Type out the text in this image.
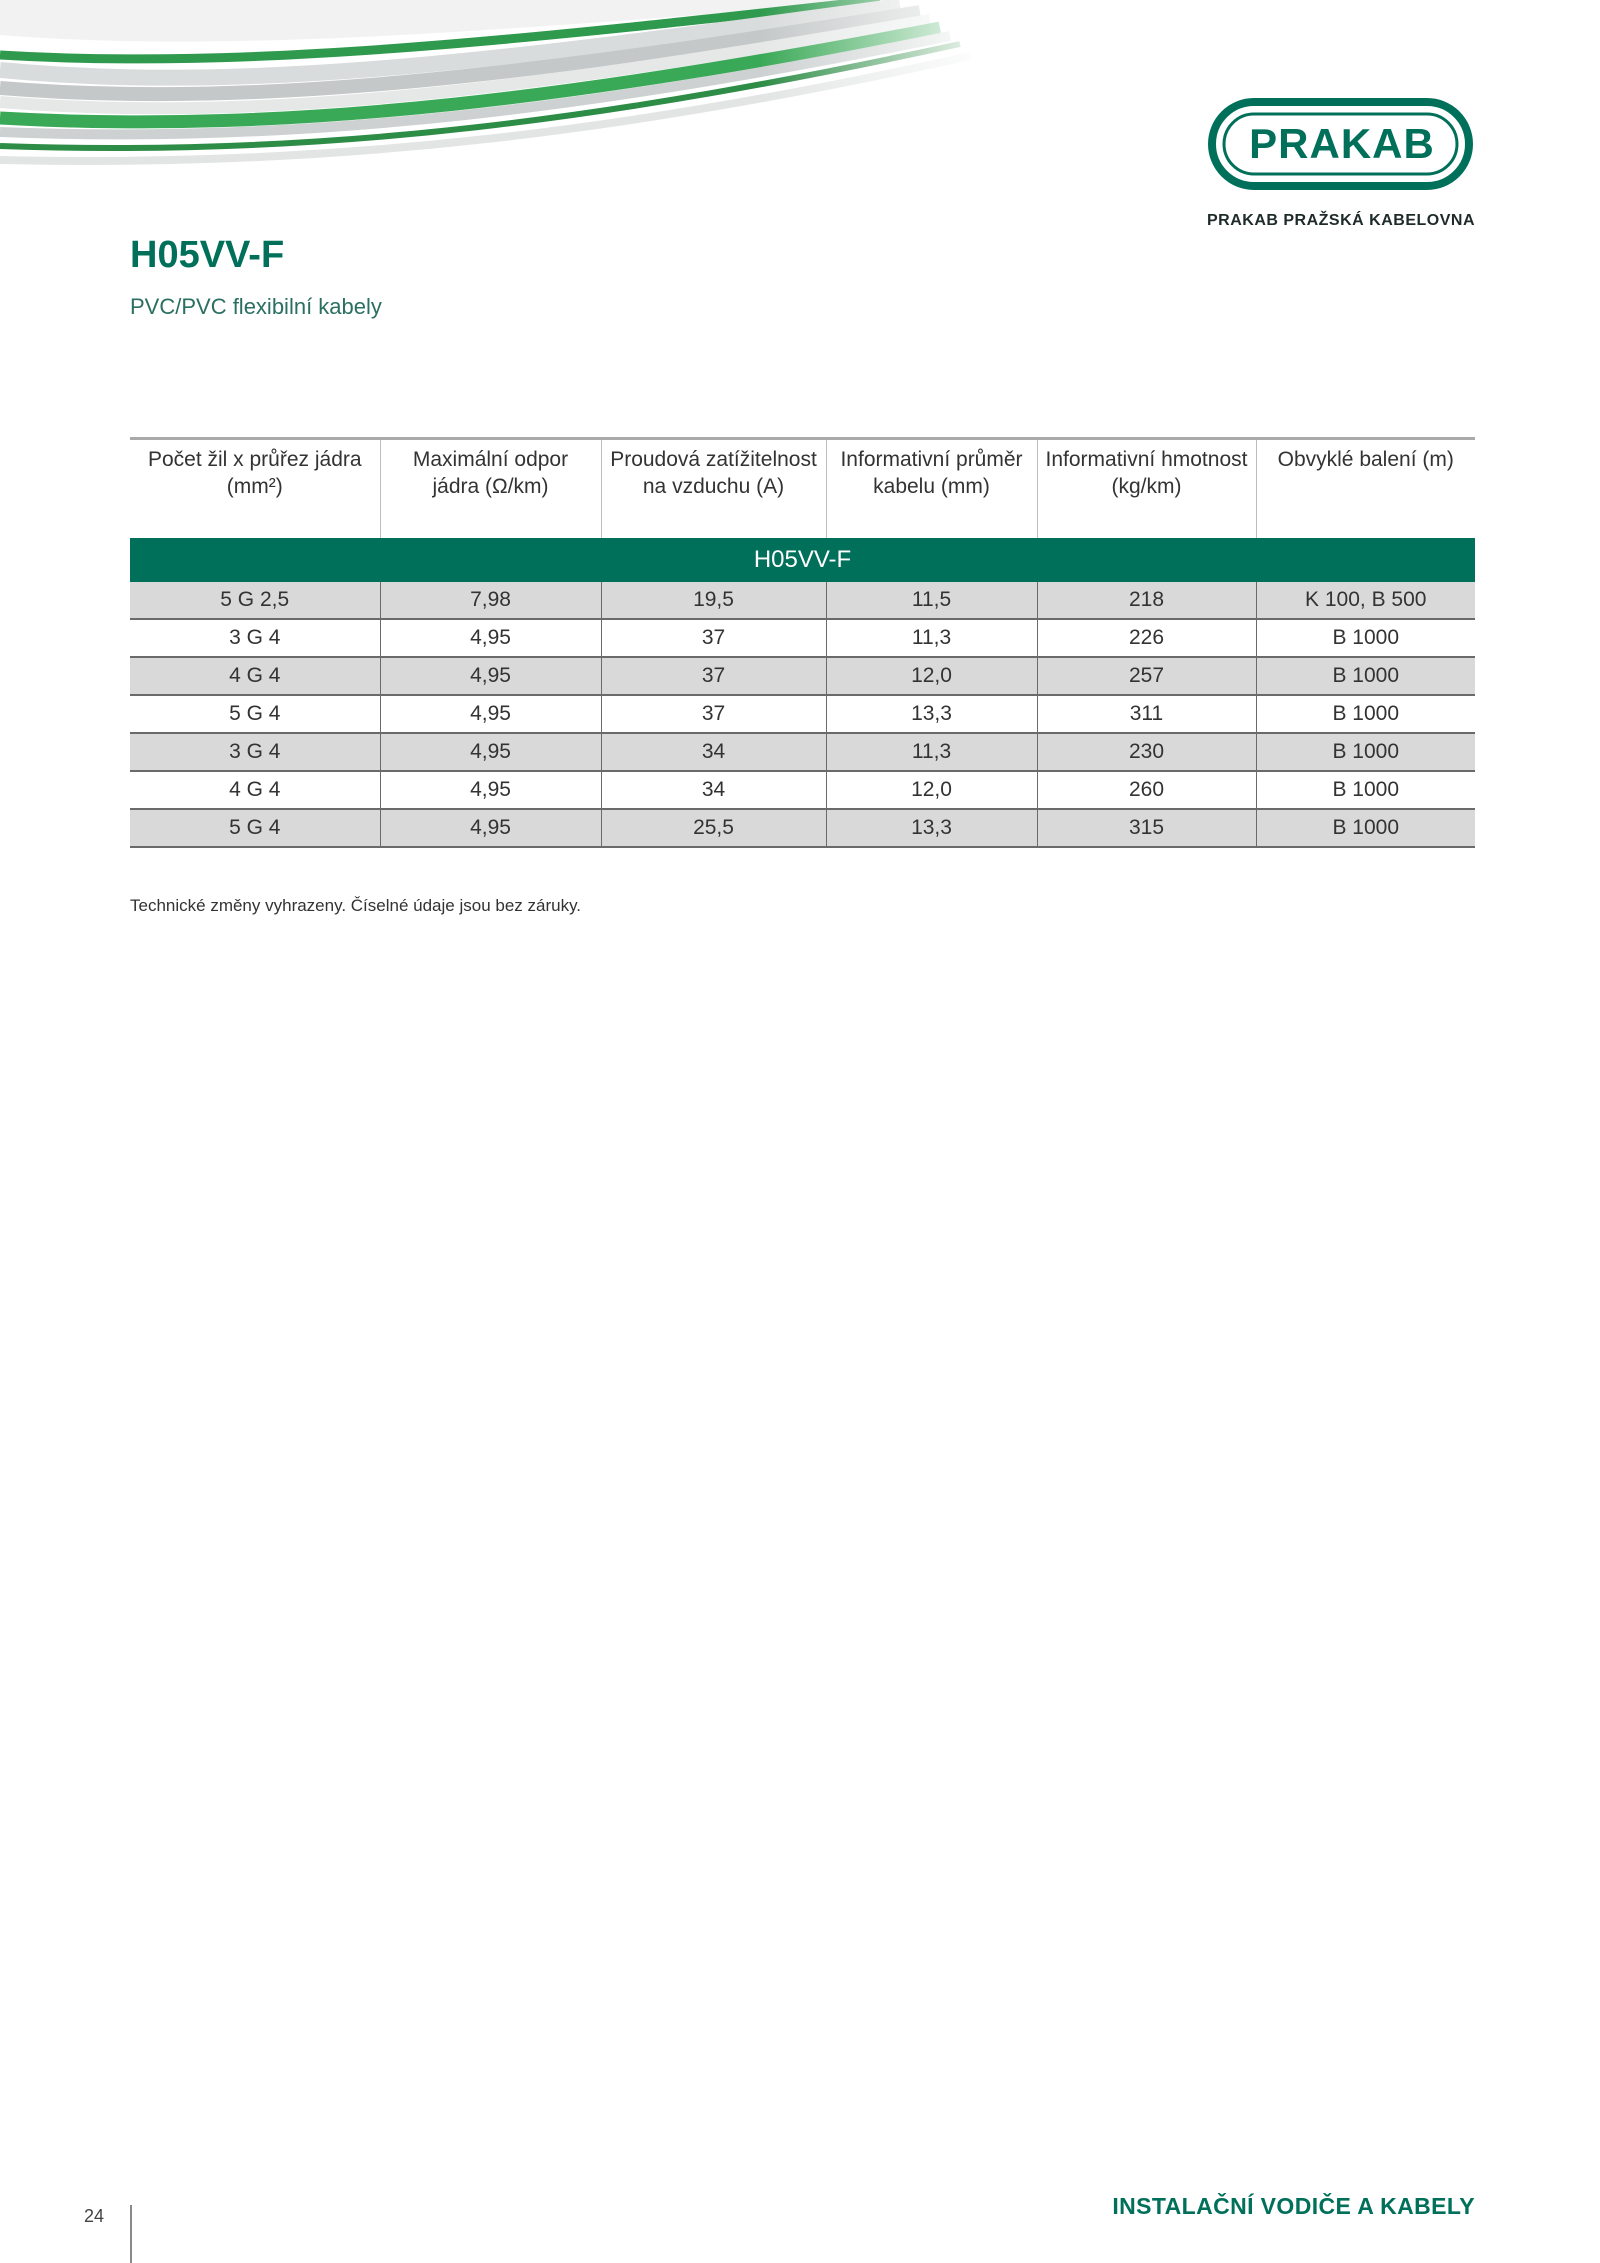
PRAKAB
PRAKAB PRAŽSKÁ KABELOVNA
H05VV-F
PVC/PVC flexibilní kabely
Počet žil x průřez jádra (mm²)	Maximální odpor jádra (Ω/km)	Proudová zatížitelnost na vzduchu (A)	Informativní průměr kabelu (mm)	Informativní hmotnost (kg/km)	Obvyklé balení (m)
H05VV-F					
5 G 2,5	7,98	19,5	11,5	218	K 100, B 500
3 G 4	4,95	37	11,3	226	B 1000
4 G 4	4,95	37	12,0	257	B 1000
5 G 4	4,95	37	13,3	311	B 1000
3 G 4	4,95	34	11,3	230	B 1000
4 G 4	4,95	34	12,0	260	B 1000
5 G 4	4,95	25,5	13,3	315	B 1000
Technické změny vyhrazeny. Číselné údaje jsou bez záruky.
24	INSTALAČNÍ VODIČE A KABELY
